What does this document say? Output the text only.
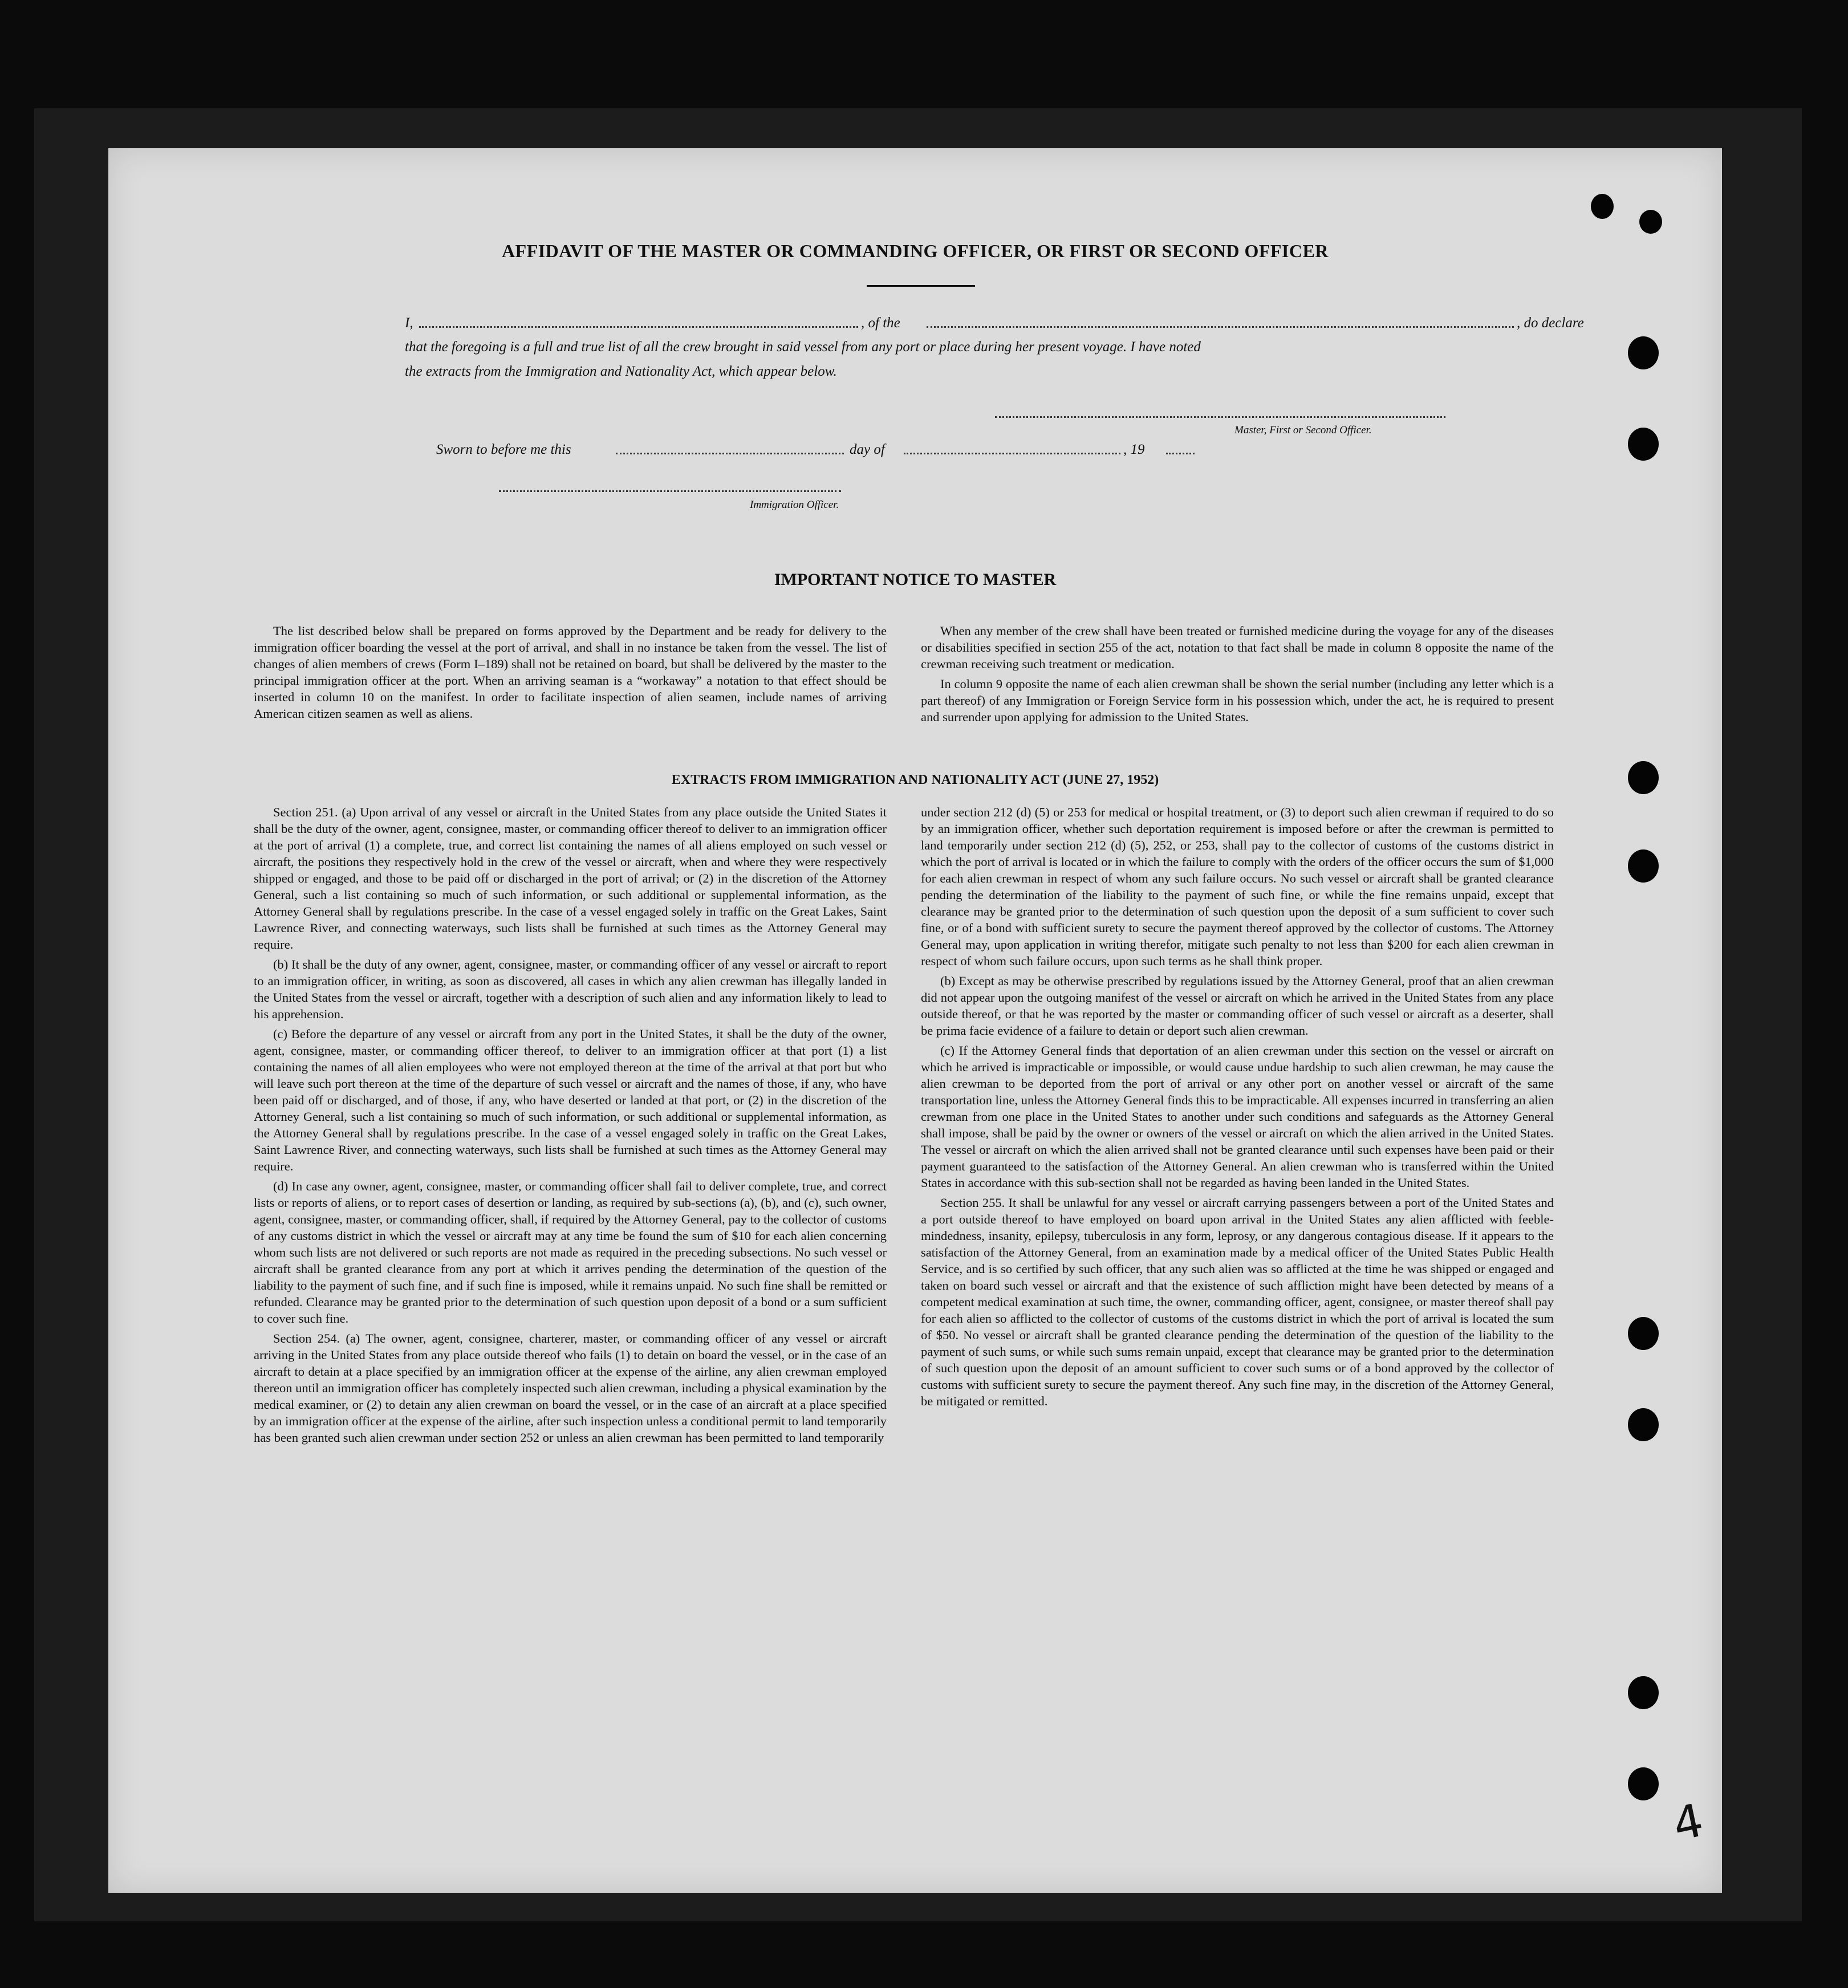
AFFIDAVIT OF THE MASTER OR COMMANDING OFFICER, OR FIRST OR SECOND OFFICER
I,	, of the	, do declare
that the foregoing is a full and true list of all the crew brought in said vessel from any port or place during her present voyage. I have noted
the extracts from the Immigration and Nationality Act, which appear below.
Master, First or Second Officer.
Sworn to before me this	day of	, 19
Immigration Officer.
IMPORTANT NOTICE TO MASTER

The list described below shall be prepared on forms approved by the Department and be ready for delivery to the immigration officer boarding the vessel at the port of arrival, and shall in no instance be taken from the vessel. The list of changes of alien members of crews (Form I–189) shall not be retained on board, but shall be delivered by the master to the principal immigration officer at the port. When an arriving seaman is a “workaway” a notation to that effect should be inserted in column 10 on the manifest. In order to facilitate inspection of alien seamen, include names of arriving American citizen seamen as well as aliens.

When any member of the crew shall have been treated or furnished medicine during the voyage for any of the diseases or disabilities specified in section 255 of the act, notation to that fact shall be made in column 8 opposite the name of the crewman receiving such treatment or medication.

In column 9 opposite the name of each alien crewman shall be shown the serial number (including any letter which is a part thereof) of any Immigration or Foreign Service form in his possession which, under the act, he is required to present and surrender upon applying for admission to the United States.

EXTRACTS FROM IMMIGRATION AND NATIONALITY ACT (JUNE 27, 1952)

Section 251. (a) Upon arrival of any vessel or aircraft in the United States from any place outside the United States it shall be the duty of the owner, agent, consignee, master, or commanding officer thereof to deliver to an immigration officer at the port of arrival (1) a complete, true, and correct list containing the names of all aliens employed on such vessel or aircraft, the positions they respectively hold in the crew of the vessel or aircraft, when and where they were respectively shipped or engaged, and those to be paid off or discharged in the port of arrival; or (2) in the discretion of the Attorney General, such a list containing so much of such information, or such additional or supplemental information, as the Attorney General shall by regulations prescribe. In the case of a vessel engaged solely in traffic on the Great Lakes, Saint Lawrence River, and connecting waterways, such lists shall be furnished at such times as the Attorney General may require.

(b) It shall be the duty of any owner, agent, consignee, master, or commanding officer of any vessel or aircraft to report to an immigration officer, in writing, as soon as discovered, all cases in which any alien crewman has illegally landed in the United States from the vessel or aircraft, together with a description of such alien and any information likely to lead to his apprehension.

(c) Before the departure of any vessel or aircraft from any port in the United States, it shall be the duty of the owner, agent, consignee, master, or commanding officer thereof, to deliver to an immigration officer at that port (1) a list containing the names of all alien employees who were not employed thereon at the time of the arrival at that port but who will leave such port thereon at the time of the departure of such vessel or aircraft and the names of those, if any, who have been paid off or discharged, and of those, if any, who have deserted or landed at that port, or (2) in the discretion of the Attorney General, such a list containing so much of such information, or such additional or supplemental information, as the Attorney General shall by regulations prescribe. In the case of a vessel engaged solely in traffic on the Great Lakes, Saint Lawrence River, and connecting waterways, such lists shall be furnished at such times as the Attorney General may require.

(d) In case any owner, agent, consignee, master, or commanding officer shall fail to deliver complete, true, and correct lists or reports of aliens, or to report cases of desertion or landing, as required by sub-sections (a), (b), and (c), such owner, agent, consignee, master, or commanding officer, shall, if required by the Attorney General, pay to the collector of customs of any customs district in which the vessel or aircraft may at any time be found the sum of $10 for each alien concerning whom such lists are not delivered or such reports are not made as required in the preceding subsections. No such vessel or aircraft shall be granted clearance from any port at which it arrives pending the determination of the question of the liability to the payment of such fine, and if such fine is imposed, while it remains unpaid. No such fine shall be remitted or refunded. Clearance may be granted prior to the determination of such question upon deposit of a bond or a sum sufficient to cover such fine.

Section 254. (a) The owner, agent, consignee, charterer, master, or commanding officer of any vessel or aircraft arriving in the United States from any place outside thereof who fails (1) to detain on board the vessel, or in the case of an aircraft to detain at a place specified by an immigration officer at the expense of the airline, any alien crewman employed thereon until an immigration officer has completely inspected such alien crewman, including a physical examination by the medical examiner, or (2) to detain any alien crewman on board the vessel, or in the case of an aircraft at a place specified by an immigration officer at the expense of the airline, after such inspection unless a conditional permit to land temporarily has been granted such alien crewman under section 252 or unless an alien crewman has been permitted to land temporarily

under section 212 (d) (5) or 253 for medical or hospital treatment, or (3) to deport such alien crewman if required to do so by an immigration officer, whether such deportation requirement is imposed before or after the crewman is permitted to land temporarily under section 212 (d) (5), 252, or 253, shall pay to the collector of customs of the customs district in which the port of arrival is located or in which the failure to comply with the orders of the officer occurs the sum of $1,000 for each alien crewman in respect of whom any such failure occurs. No such vessel or aircraft shall be granted clearance pending the determination of the liability to the payment of such fine, or while the fine remains unpaid, except that clearance may be granted prior to the determination of such question upon the deposit of a sum sufficient to cover such fine, or of a bond with sufficient surety to secure the payment thereof approved by the collector of customs. The Attorney General may, upon application in writing therefor, mitigate such penalty to not less than $200 for each alien crewman in respect of whom such failure occurs, upon such terms as he shall think proper.

(b) Except as may be otherwise prescribed by regulations issued by the Attorney General, proof that an alien crewman did not appear upon the outgoing manifest of the vessel or aircraft on which he arrived in the United States from any place outside thereof, or that he was reported by the master or commanding officer of such vessel or aircraft as a deserter, shall be prima facie evidence of a failure to detain or deport such alien crewman.

(c) If the Attorney General finds that deportation of an alien crewman under this section on the vessel or aircraft on which he arrived is impracticable or impossible, or would cause undue hardship to such alien crewman, he may cause the alien crewman to be deported from the port of arrival or any other port on another vessel or aircraft of the same transportation line, unless the Attorney General finds this to be impracticable. All expenses incurred in transferring an alien crewman from one place in the United States to another under such conditions and safeguards as the Attorney General shall impose, shall be paid by the owner or owners of the vessel or aircraft on which the alien arrived in the United States. The vessel or aircraft on which the alien arrived shall not be granted clearance until such expenses have been paid or their payment guaranteed to the satisfaction of the Attorney General. An alien crewman who is transferred within the United States in accordance with this sub-section shall not be regarded as having been landed in the United States.

Section 255. It shall be unlawful for any vessel or aircraft carrying passengers between a port of the United States and a port outside thereof to have employed on board upon arrival in the United States any alien afflicted with feeble-mindedness, insanity, epilepsy, tuberculosis in any form, leprosy, or any dangerous contagious disease. If it appears to the satisfaction of the Attorney General, from an examination made by a medical officer of the United States Public Health Service, and is so certified by such officer, that any such alien was so afflicted at the time he was shipped or engaged and taken on board such vessel or aircraft and that the existence of such affliction might have been detected by means of a competent medical examination at such time, the owner, commanding officer, agent, consignee, or master thereof shall pay for each alien so afflicted to the collector of customs of the customs district in which the port of arrival is located the sum of $50. No vessel or aircraft shall be granted clearance pending the determination of the question of the liability to the payment of such sums, or while such sums remain unpaid, except that clearance may be granted prior to the determination of such question upon the deposit of an amount sufficient to cover such sums or of a bond approved by the collector of customs with sufficient surety to secure the payment thereof. Any such fine may, in the discretion of the Attorney General, be mitigated or remitted.

4
